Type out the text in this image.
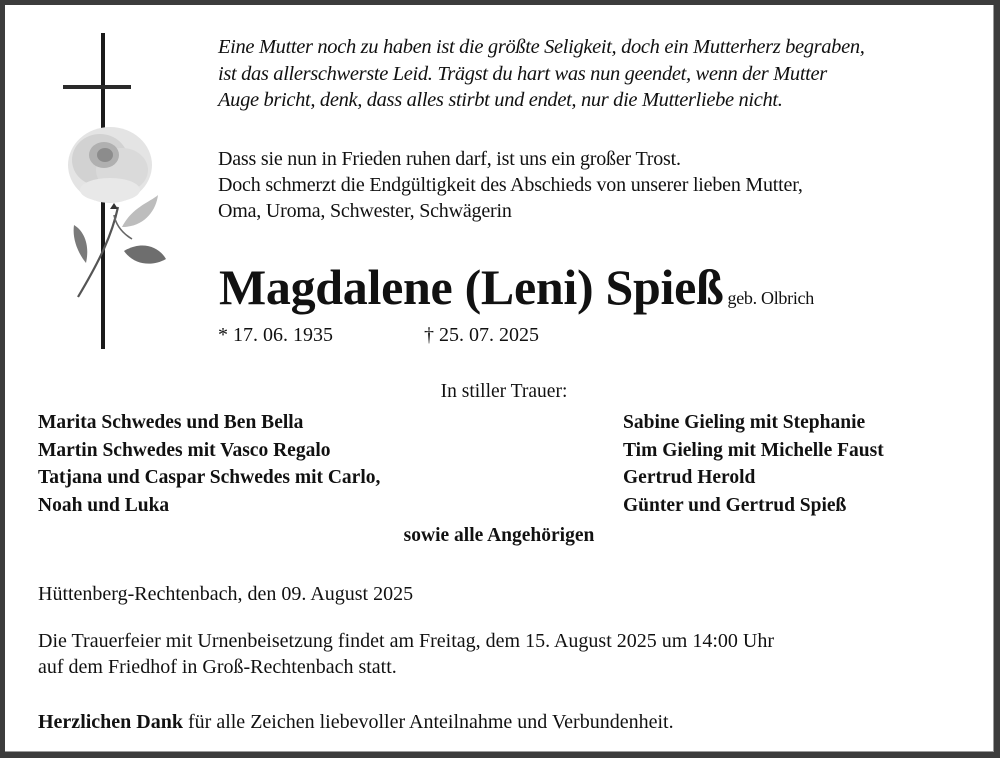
Eine Mutter noch zu haben ist die größte Seligkeit, doch ein Mutterherz begraben,
ist das allerschwerste Leid. Trägst du hart was nun geendet, wenn der Mutter
Auge bricht, denk, dass alles stirbt und endet, nur die Mutterliebe nicht.
Dass sie nun in Frieden ruhen darf, ist uns ein großer Trost.
Doch schmerzt die Endgültigkeit des Abschieds von unserer lieben Mutter,
Oma, Uroma, Schwester, Schwägerin
Magdalene (Leni) Spieß geb. Olbrich
* 17. 06. 1935	† 25. 07. 2025
In stiller Trauer:
Marita Schwedes und Ben Bella
Martin Schwedes mit Vasco Regalo
Tatjana und Caspar Schwedes mit Carlo,
Noah und Luka
Sabine Gieling mit Stephanie
Tim Gieling mit Michelle Faust
Gertrud Herold
Günter und Gertrud Spieß
sowie alle Angehörigen
Hüttenberg-Rechtenbach, den 09. August 2025
Die Trauerfeier mit Urnenbeisetzung findet am Freitag, dem 15. August 2025 um 14:00 Uhr
auf dem Friedhof in Groß-Rechtenbach statt.
Herzlichen Dank für alle Zeichen liebevoller Anteilnahme und Verbundenheit.
